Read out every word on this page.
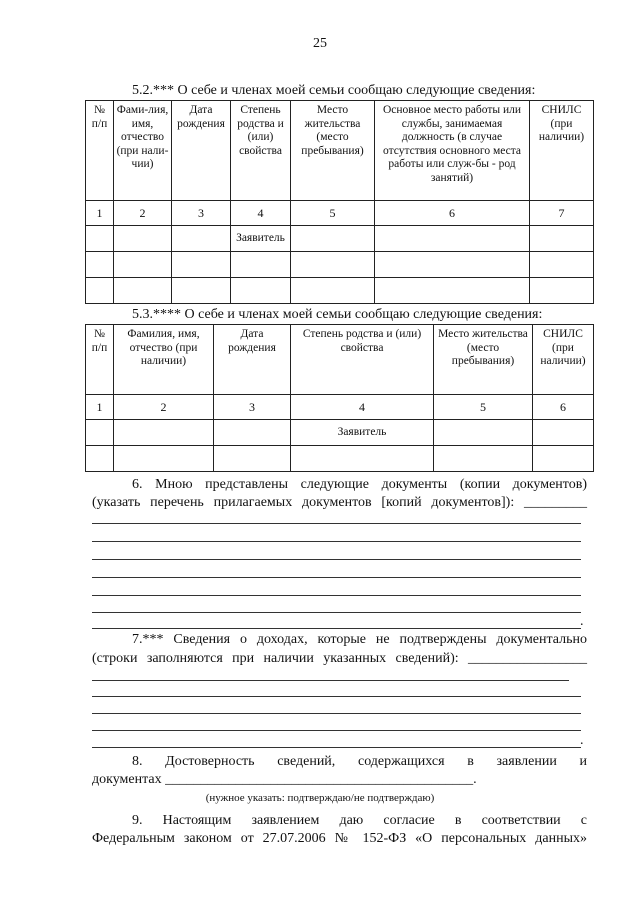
25
5.2.*** О себе и членах моей семьи сообщаю следующие сведения:
№ п/п	Фами-лия, имя, отчество (при нали-чии)	Дата рождения	Степень родства и (или) свойства	Место жительства (место пребывания)	Основное место работы или службы, занимаемая должность (в случае отсутствия основного места работы или служ-бы - род занятий)	СНИЛС (при наличии)
1	2	3	4	5	6	7
			Заявитель			

5.3.**** О себе и членах моей семьи сообщаю следующие сведения:
№ п/п	Фамилия, имя, отчество (при наличии)	Дата рождения	Степень родства и (или) свойства	Место жительства (место пребывания)	СНИЛС (при наличии)
1	2	3	4	5	6
			Заявитель		

6. Мною представлены следующие документы (копии документов)
(указать перечень прилагаемых документов [копий документов]): _________
.
7.*** Сведения о доходах, которые не подтверждены документально
(строки заполняются при наличии указанных сведений): _________________
.
8. Достоверность сведений, содержащихся в заявлении и
документах ____________________________________________.
(нужное указать: подтверждаю/не подтверждаю)
9. Настоящим заявлением даю согласие в соответствии с
Федеральным законом от 27.07.2006 № 152-ФЗ «О персональных данных»
